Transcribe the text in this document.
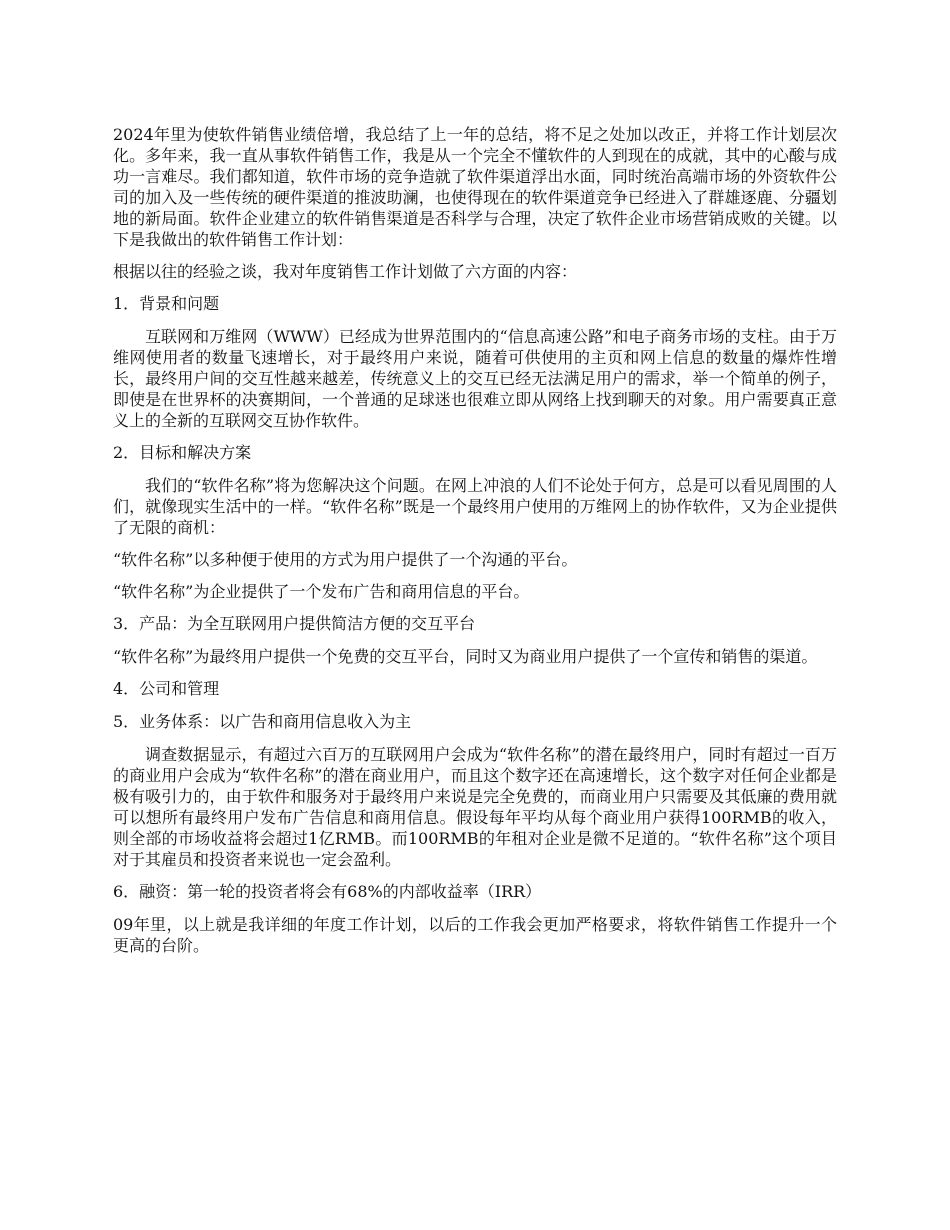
2024年里为使软件销售业绩倍增，我总结了上一年的总结，将不足之处加以改正，并将工作计划层次化。多年来，我一直从事软件销售工作，我是从一个完全不懂软件的人到现在的成就，其中的心酸与成功一言难尽。我们都知道，软件市场的竞争造就了软件渠道浮出水面，同时统治高端市场的外资软件公司的加入及一些传统的硬件渠道的推波助澜，也使得现在的软件渠道竞争已经进入了群雄逐鹿、分疆划地的新局面。软件企业建立的软件销售渠道是否科学与合理，决定了软件企业市场营销成败的关键。以下是我做出的软件销售工作计划：

根据以往的经验之谈，我对年度销售工作计划做了六方面的内容：

1．背景和问题

互联网和万维网（WWW）已经成为世界范围内的“信息高速公路”和电子商务市场的支柱。由于万维网使用者的数量飞速增长，对于最终用户来说，随着可供使用的主页和网上信息的数量的爆炸性增长，最终用户间的交互性越来越差，传统意义上的交互已经无法满足用户的需求，举一个简单的例子，即使是在世界杯的决赛期间，一个普通的足球迷也很难立即从网络上找到聊天的对象。用户需要真正意义上的全新的互联网交互协作软件。

2．目标和解决方案

我们的“软件名称”将为您解决这个问题。在网上冲浪的人们不论处于何方，总是可以看见周围的人们，就像现实生活中的一样。“软件名称”既是一个最终用户使用的万维网上的协作软件，又为企业提供了无限的商机：

“软件名称”以多种便于使用的方式为用户提供了一个沟通的平台。

“软件名称”为企业提供了一个发布广告和商用信息的平台。

3．产品：为全互联网用户提供简洁方便的交互平台

“软件名称”为最终用户提供一个免费的交互平台，同时又为商业用户提供了一个宣传和销售的渠道。

4．公司和管理

5．业务体系：以广告和商用信息收入为主

调查数据显示，有超过六百万的互联网用户会成为“软件名称”的潜在最终用户，同时有超过一百万的商业用户会成为“软件名称”的潜在商业用户，而且这个数字还在高速增长，这个数字对任何企业都是极有吸引力的，由于软件和服务对于最终用户来说是完全免费的，而商业用户只需要及其低廉的费用就可以想所有最终用户发布广告信息和商用信息。假设每年平均从每个商业用户获得100RMB的收入，则全部的市场收益将会超过1亿RMB。而100RMB的年租对企业是微不足道的。“软件名称”这个项目对于其雇员和投资者来说也一定会盈利。

6．融资：第一轮的投资者将会有68%的内部收益率（IRR）

09年里，以上就是我详细的年度工作计划，以后的工作我会更加严格要求，将软件销售工作提升一个更高的台阶。
